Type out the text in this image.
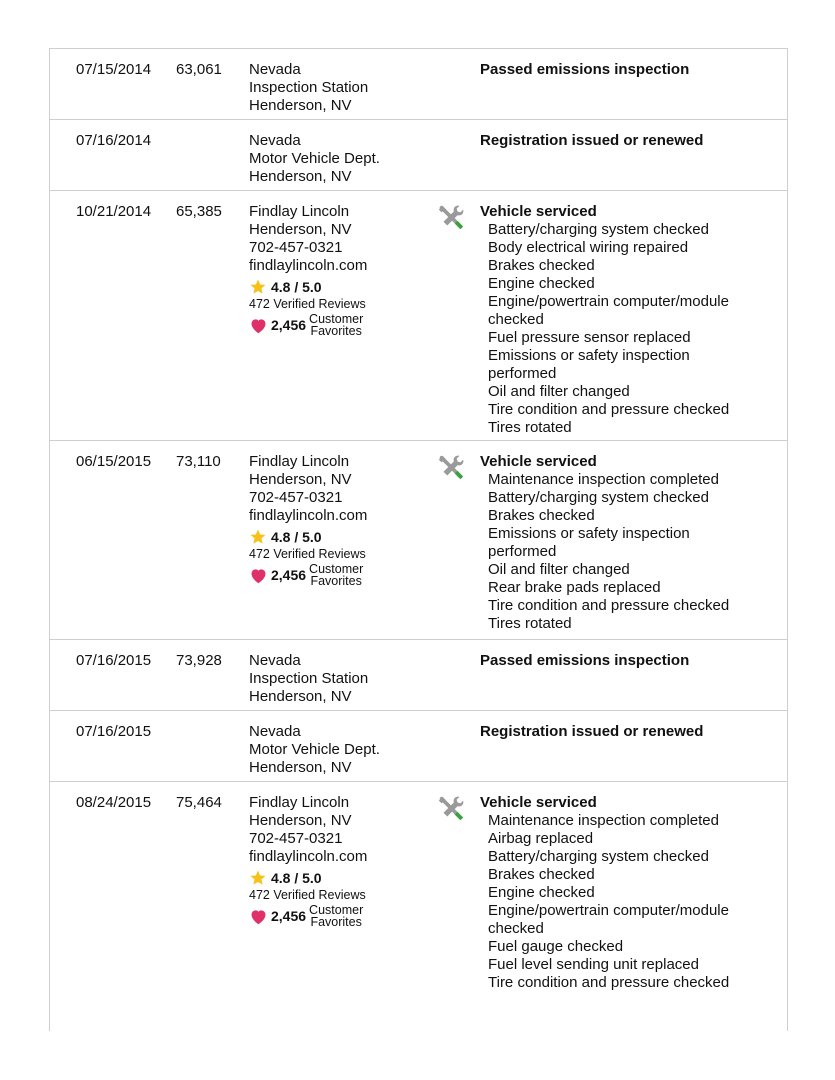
07/15/2014 63,061 Nevada
Inspection Station
Henderson, NV
Passed emissions inspection
07/16/2014	Nevada
Motor Vehicle Dept.
Henderson, NV
Registration issued or renewed
10/21/2014 65,385 Findlay Lincoln
Henderson, NV
702-457-0321
findlaylincoln.com
4.8 / 5.0
472 Verified Reviews
2,456 Customer
Favorites
Vehicle serviced
Battery/charging system checked
Body electrical wiring repaired
Brakes checked
Engine checked
Engine/powertrain computer/module
checked
Fuel pressure sensor replaced
Emissions or safety inspection
performed
Oil and filter changed
Tire condition and pressure checked
Tires rotated
06/15/2015 73,110 Findlay Lincoln
Henderson, NV
702-457-0321
findlaylincoln.com
4.8 / 5.0
472 Verified Reviews
2,456 Customer
Favorites
Vehicle serviced
Maintenance inspection completed
Battery/charging system checked
Brakes checked
Emissions or safety inspection
performed
Oil and filter changed
Rear brake pads replaced
Tire condition and pressure checked
Tires rotated
07/16/2015 73,928 Nevada
Inspection Station
Henderson, NV
Passed emissions inspection
07/16/2015	Nevada
Motor Vehicle Dept.
Henderson, NV
Registration issued or renewed
08/24/2015 75,464 Findlay Lincoln
Henderson, NV
702-457-0321
findlaylincoln.com
4.8 / 5.0
472 Verified Reviews
2,456 Customer
Favorites
Vehicle serviced
Maintenance inspection completed
Airbag replaced
Battery/charging system checked
Brakes checked
Engine checked
Engine/powertrain computer/module
checked
Fuel gauge checked
Fuel level sending unit replaced
Tire condition and pressure checked
